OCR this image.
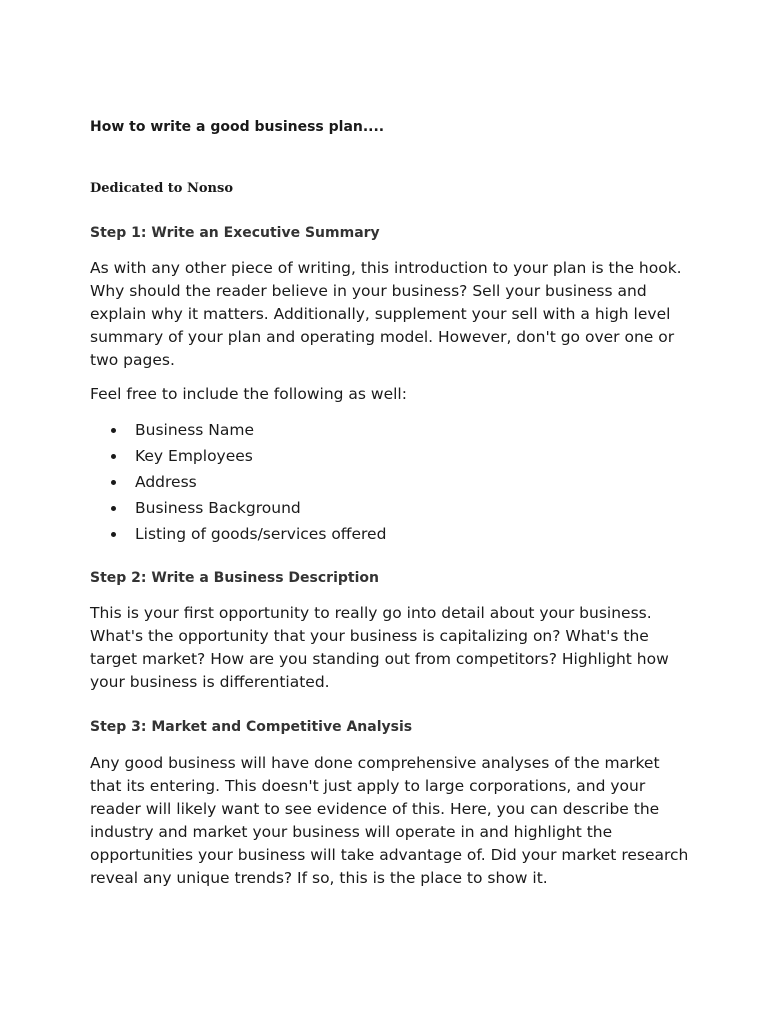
How to write a good business plan....

Dedicated to Nonso

Step 1: Write an Executive Summary

As with any other piece of writing, this introduction to your plan is the hook. Why should the reader believe in your business? Sell your business and explain why it matters. Additionally, supplement your sell with a high level summary of your plan and operating model. However, don't go over one or two pages.

Feel free to include the following as well:

Business Name
Key Employees
Address
Business Background
Listing of goods/services offered
Step 2: Write a Business Description

This is your first opportunity to really go into detail about your business. What's the opportunity that your business is capitalizing on? What's the target market? How are you standing out from competitors? Highlight how your business is differentiated.

Step 3: Market and Competitive Analysis

Any good business will have done comprehensive analyses of the market that its entering. This doesn't just apply to large corporations, and your reader will likely want to see evidence of this. Here, you can describe the industry and market your business will operate in and highlight the opportunities your business will take advantage of. Did your market research reveal any unique trends? If so, this is the place to show it.
